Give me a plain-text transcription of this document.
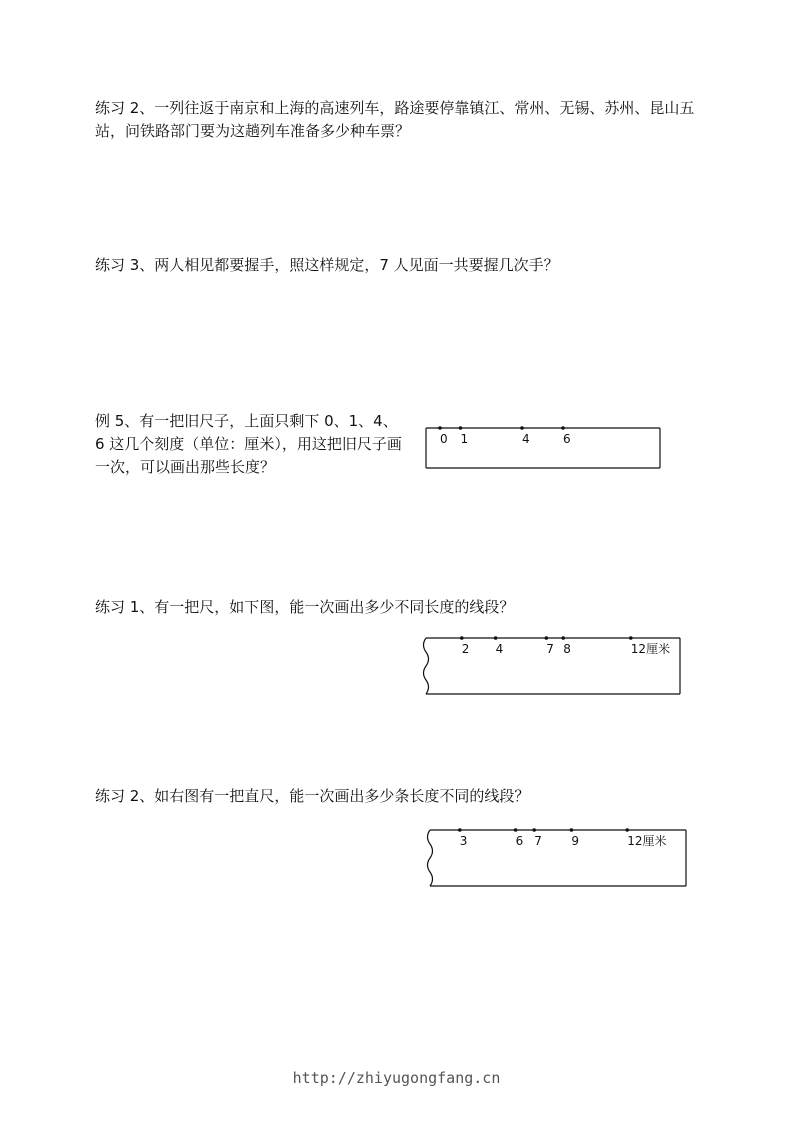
练习 2、一列往返于南京和上海的高速列车，路途要停靠镇江、常州、无锡、苏州、昆山五站，问铁路部门要为这趟列车准备多少种车票？

练习 3、两人相见都要握手，照这样规定，7 人见面一共要握几次手？

例 5、有一把旧尺子，上面只剩下 0、1、4、6 这几个刻度（单位：厘米），用这把旧尺子画一次，可以画出那些长度？

练习 1、有一把尺，如下图，能一次画出多少不同长度的线段？

练习 2、如右图有一把直尺，能一次画出多少条长度不同的线段？

0 1	4	6
2 4	7 8	12厘米
3	6 7 9	12厘米
http://zhiyugongfang.cn
